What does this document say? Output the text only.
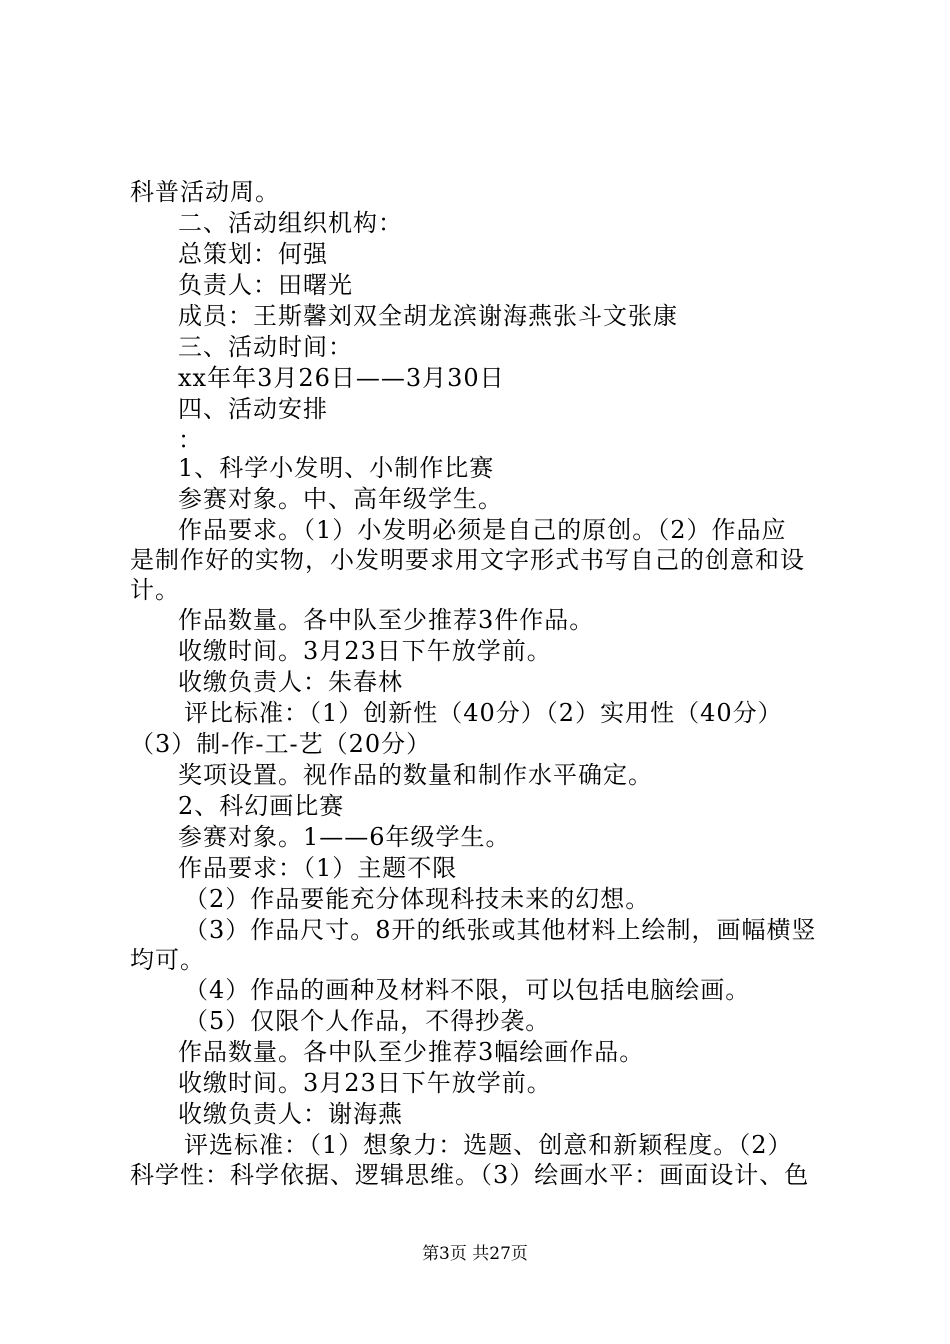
科普活动周。
二、活动组织机构：
总策划：何强
负责人：田曙光
成员：王斯馨刘双全胡龙滨谢海燕张斗文张康
三、活动时间：
xx年年3月26日——3月30日
四、活动安排
：
1、科学小发明、小制作比赛
参赛对象。中、高年级学生。
作品要求。（1）小发明必须是自己的原创。（2）作品应
是制作好的实物，小发明要求用文字形式书写自己的创意和设
计。
作品数量。各中队至少推荐3件作品。
收缴时间。3月23日下午放学前。
收缴负责人：朱春林
评比标准：（1）创新性（40分）（2）实用性（40分）
（3）制-作-工-艺（20分）
奖项设置。视作品的数量和制作水平确定。
2、科幻画比赛
参赛对象。1——6年级学生。
作品要求：（1）主题不限
（2）作品要能充分体现科技未来的幻想。
（3）作品尺寸。8开的纸张或其他材料上绘制，画幅横竖
均可。
（4）作品的画种及材料不限，可以包括电脑绘画。
（5）仅限个人作品，不得抄袭。
作品数量。各中队至少推荐3幅绘画作品。
收缴时间。3月23日下午放学前。
收缴负责人：谢海燕
评选标准：（1）想象力：选题、创意和新颖程度。（2）
科学性：科学依据、逻辑思维。（3）绘画水平：画面设计、色
第3页 共27页
